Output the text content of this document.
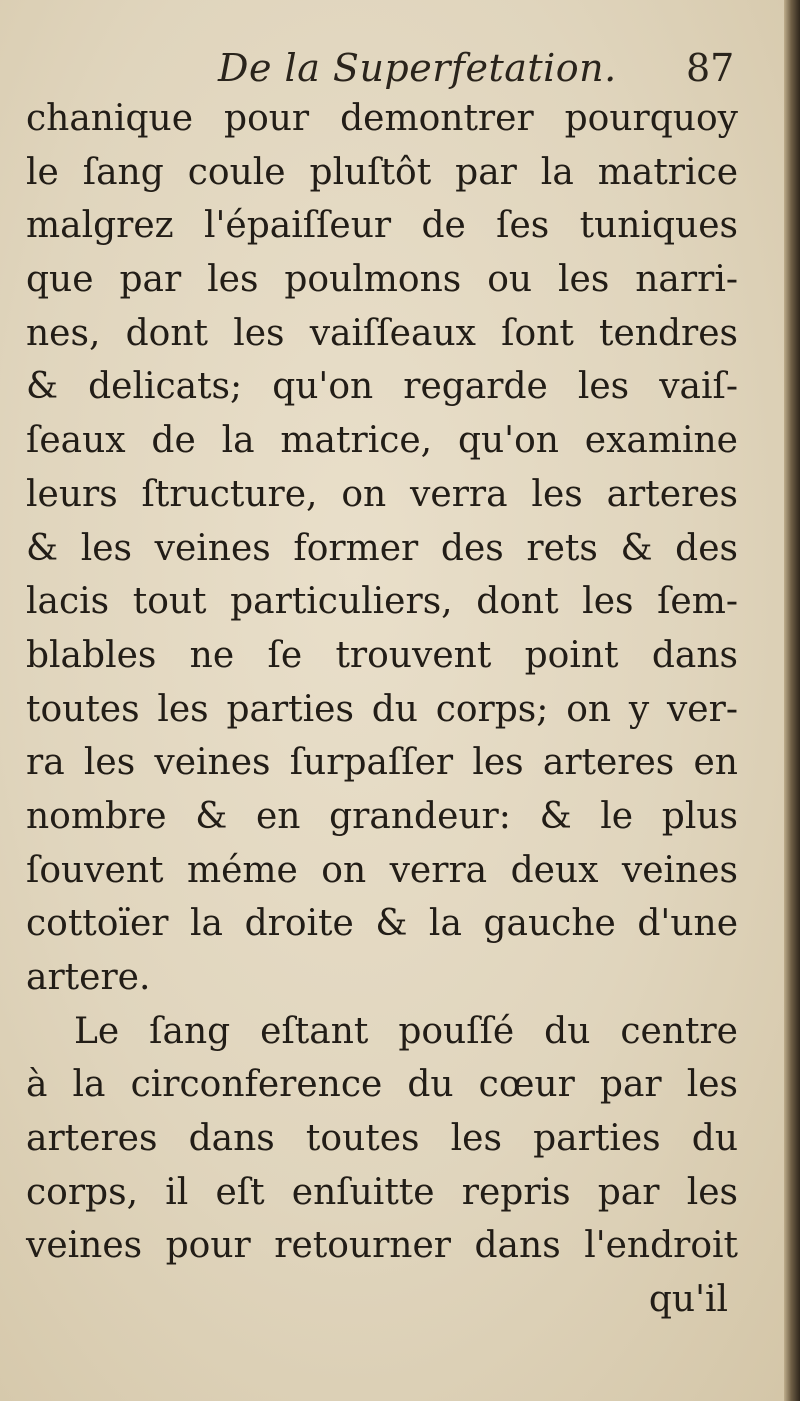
De la Superfetation. 87
chanique pour demontrer pourquoy
le ſang coule pluſtôt par la matrice
malgrez l'épaiſſeur de ſes tuniques
que par les poulmons ou les narri-
nes, dont les vaiſſeaux ſont tendres
& delicats; qu'on regarde les vaiſ-
ſeaux de la matrice, qu'on examine
leurs ſtructure, on verra les arteres
& les veines former des rets & des
lacis tout particuliers, dont les ſem-
blables ne ſe trouvent point dans
toutes les parties du corps; on y ver-
ra les veines ſurpaſſer les arteres en
nombre & en grandeur: & le plus
ſouvent méme on verra deux veines
cottoïer la droite & la gauche d'une
artere.
Le ſang eſtant pouſſé du centre
à la circonference du cœur par les
arteres dans toutes les parties du
corps, il eſt enſuitte repris par les
veines pour retourner dans l'endroit
qu'il
